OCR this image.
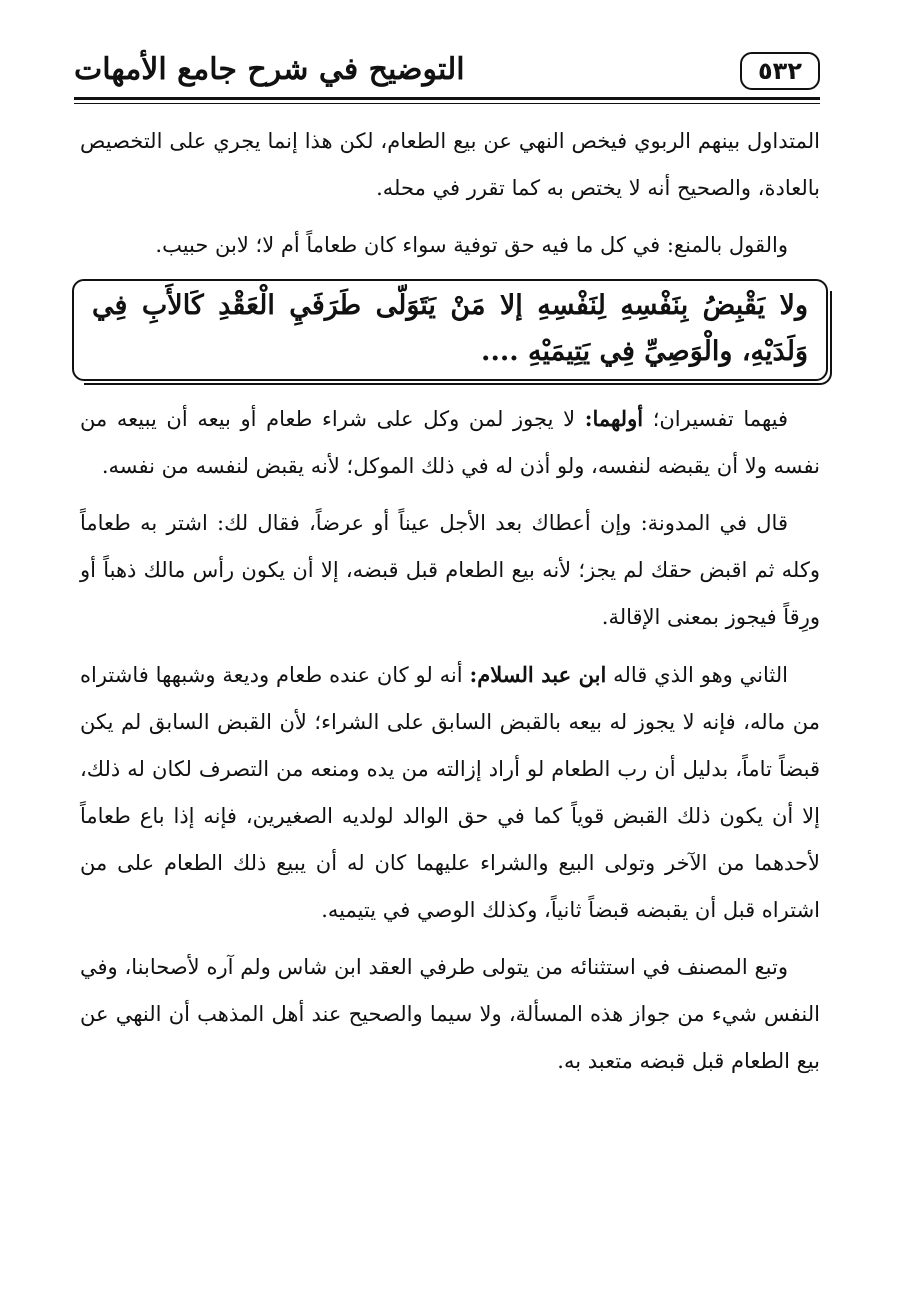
التوضيح في شرح جامع الأمهات	٥٣٢

المتداول بينهم الربوي فيخص النهي عن بيع الطعام، لكن هذا إنما يجري على التخصيص بالعادة، والصحيح أنه لا يختص به كما تقرر في محله.

والقول بالمنع: في كل ما فيه حق توفية سواء كان طعاماً أم لا؛ لابن حبيب.

ولا يَقْبِضُ بِنَفْسِهِ لِنَفْسِهِ إلا مَنْ يَتَوَلّى طَرَفَيِ الْعَقْدِ كَالأَبِ فِي وَلَدَيْهِ، والْوَصِيِّ فِي يَتِيمَيْهِ ....

فيهما تفسيران؛ أولهما: لا يجوز لمن وكل على شراء طعام أو بيعه أن يبيعه من نفسه ولا أن يقبضه لنفسه، ولو أذن له في ذلك الموكل؛ لأنه يقبض لنفسه من نفسه.

قال في المدونة: وإن أعطاك بعد الأجل عيناً أو عرضاً، فقال لك: اشتر به طعاماً وكله ثم اقبض حقك لم يجز؛ لأنه بيع الطعام قبل قبضه، إلا أن يكون رأس مالك ذهباً أو ورِقاً فيجوز بمعنى الإقالة.

الثاني وهو الذي قاله ابن عبد السلام: أنه لو كان عنده طعام وديعة وشبهها فاشتراه من ماله، فإنه لا يجوز له بيعه بالقبض السابق على الشراء؛ لأن القبض السابق لم يكن قبضاً تاماً، بدليل أن رب الطعام لو أراد إزالته من يده ومنعه من التصرف لكان له ذلك، إلا أن يكون ذلك القبض قوياً كما في حق الوالد لولديه الصغيرين، فإنه إذا باع طعاماً لأحدهما من الآخر وتولى البيع والشراء عليهما كان له أن يبيع ذلك الطعام على من اشتراه قبل أن يقبضه قبضاً ثانياً، وكذلك الوصي في يتيميه.

وتبع المصنف في استثنائه من يتولى طرفي العقد ابن شاس ولم آره لأصحابنا، وفي النفس شيء من جواز هذه المسألة، ولا سيما والصحيح عند أهل المذهب أن النهي عن بيع الطعام قبل قبضه متعبد به.
